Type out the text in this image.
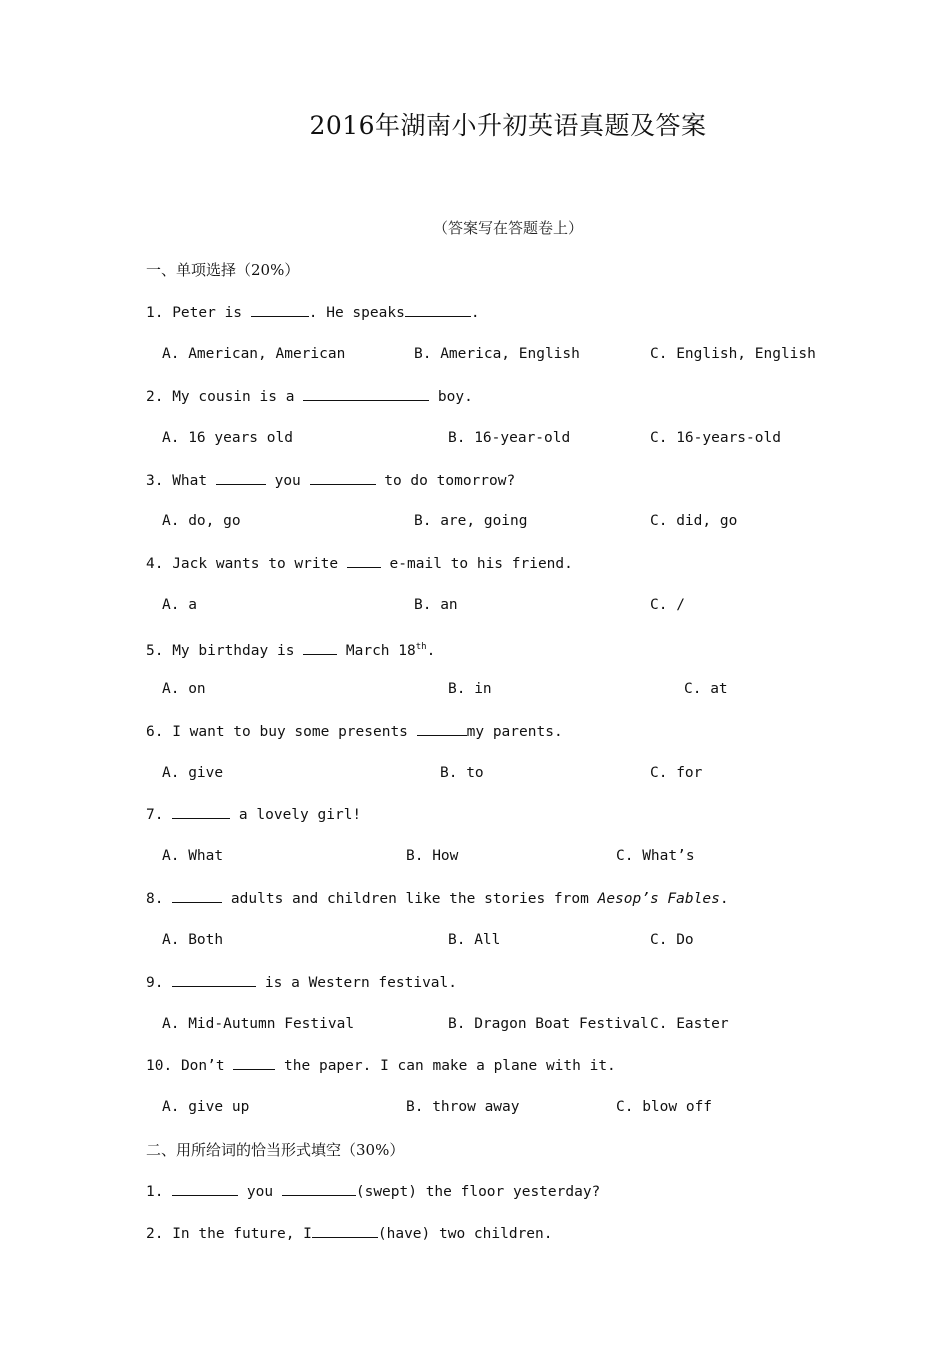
2016年湖南小升初英语真题及答案
（答案写在答题卷上）
一、单项选择（20%）
1. Peter is	. He speaks	.
A. American, American	B. America, English	C. English, English
2. My cousin is a	boy.
A. 16 years old	B. 16-year-old	C. 16-years-old
3. What	you	to do tomorrow?
A. do, go	B. are, going	C. did, go
4. Jack wants to write  e-mail to his friend.
A. a	B. an	C. /
5. My birthday is  March 18th.
A. on	B. in	C. at
6. I want to buy some presents	my parents.
A. give	B. to	C. for
7.	a lovely girl!
A. What	B. How	C. What’s
8.	adults and children like the stories from Aesop’s Fables.
A. Both	B. All	C. Do
9.	is a Western festival.
A. Mid-Autumn Festival	B. Dragon Boat Festival C. Easter
10. Don’t	the paper. I can make a plane with it.
A. give up	B. throw away	C. blow off
二、用所给词的恰当形式填空（30%）
1.	you	(swept) the floor yesterday?
2. In the future, I	(have) two children.
